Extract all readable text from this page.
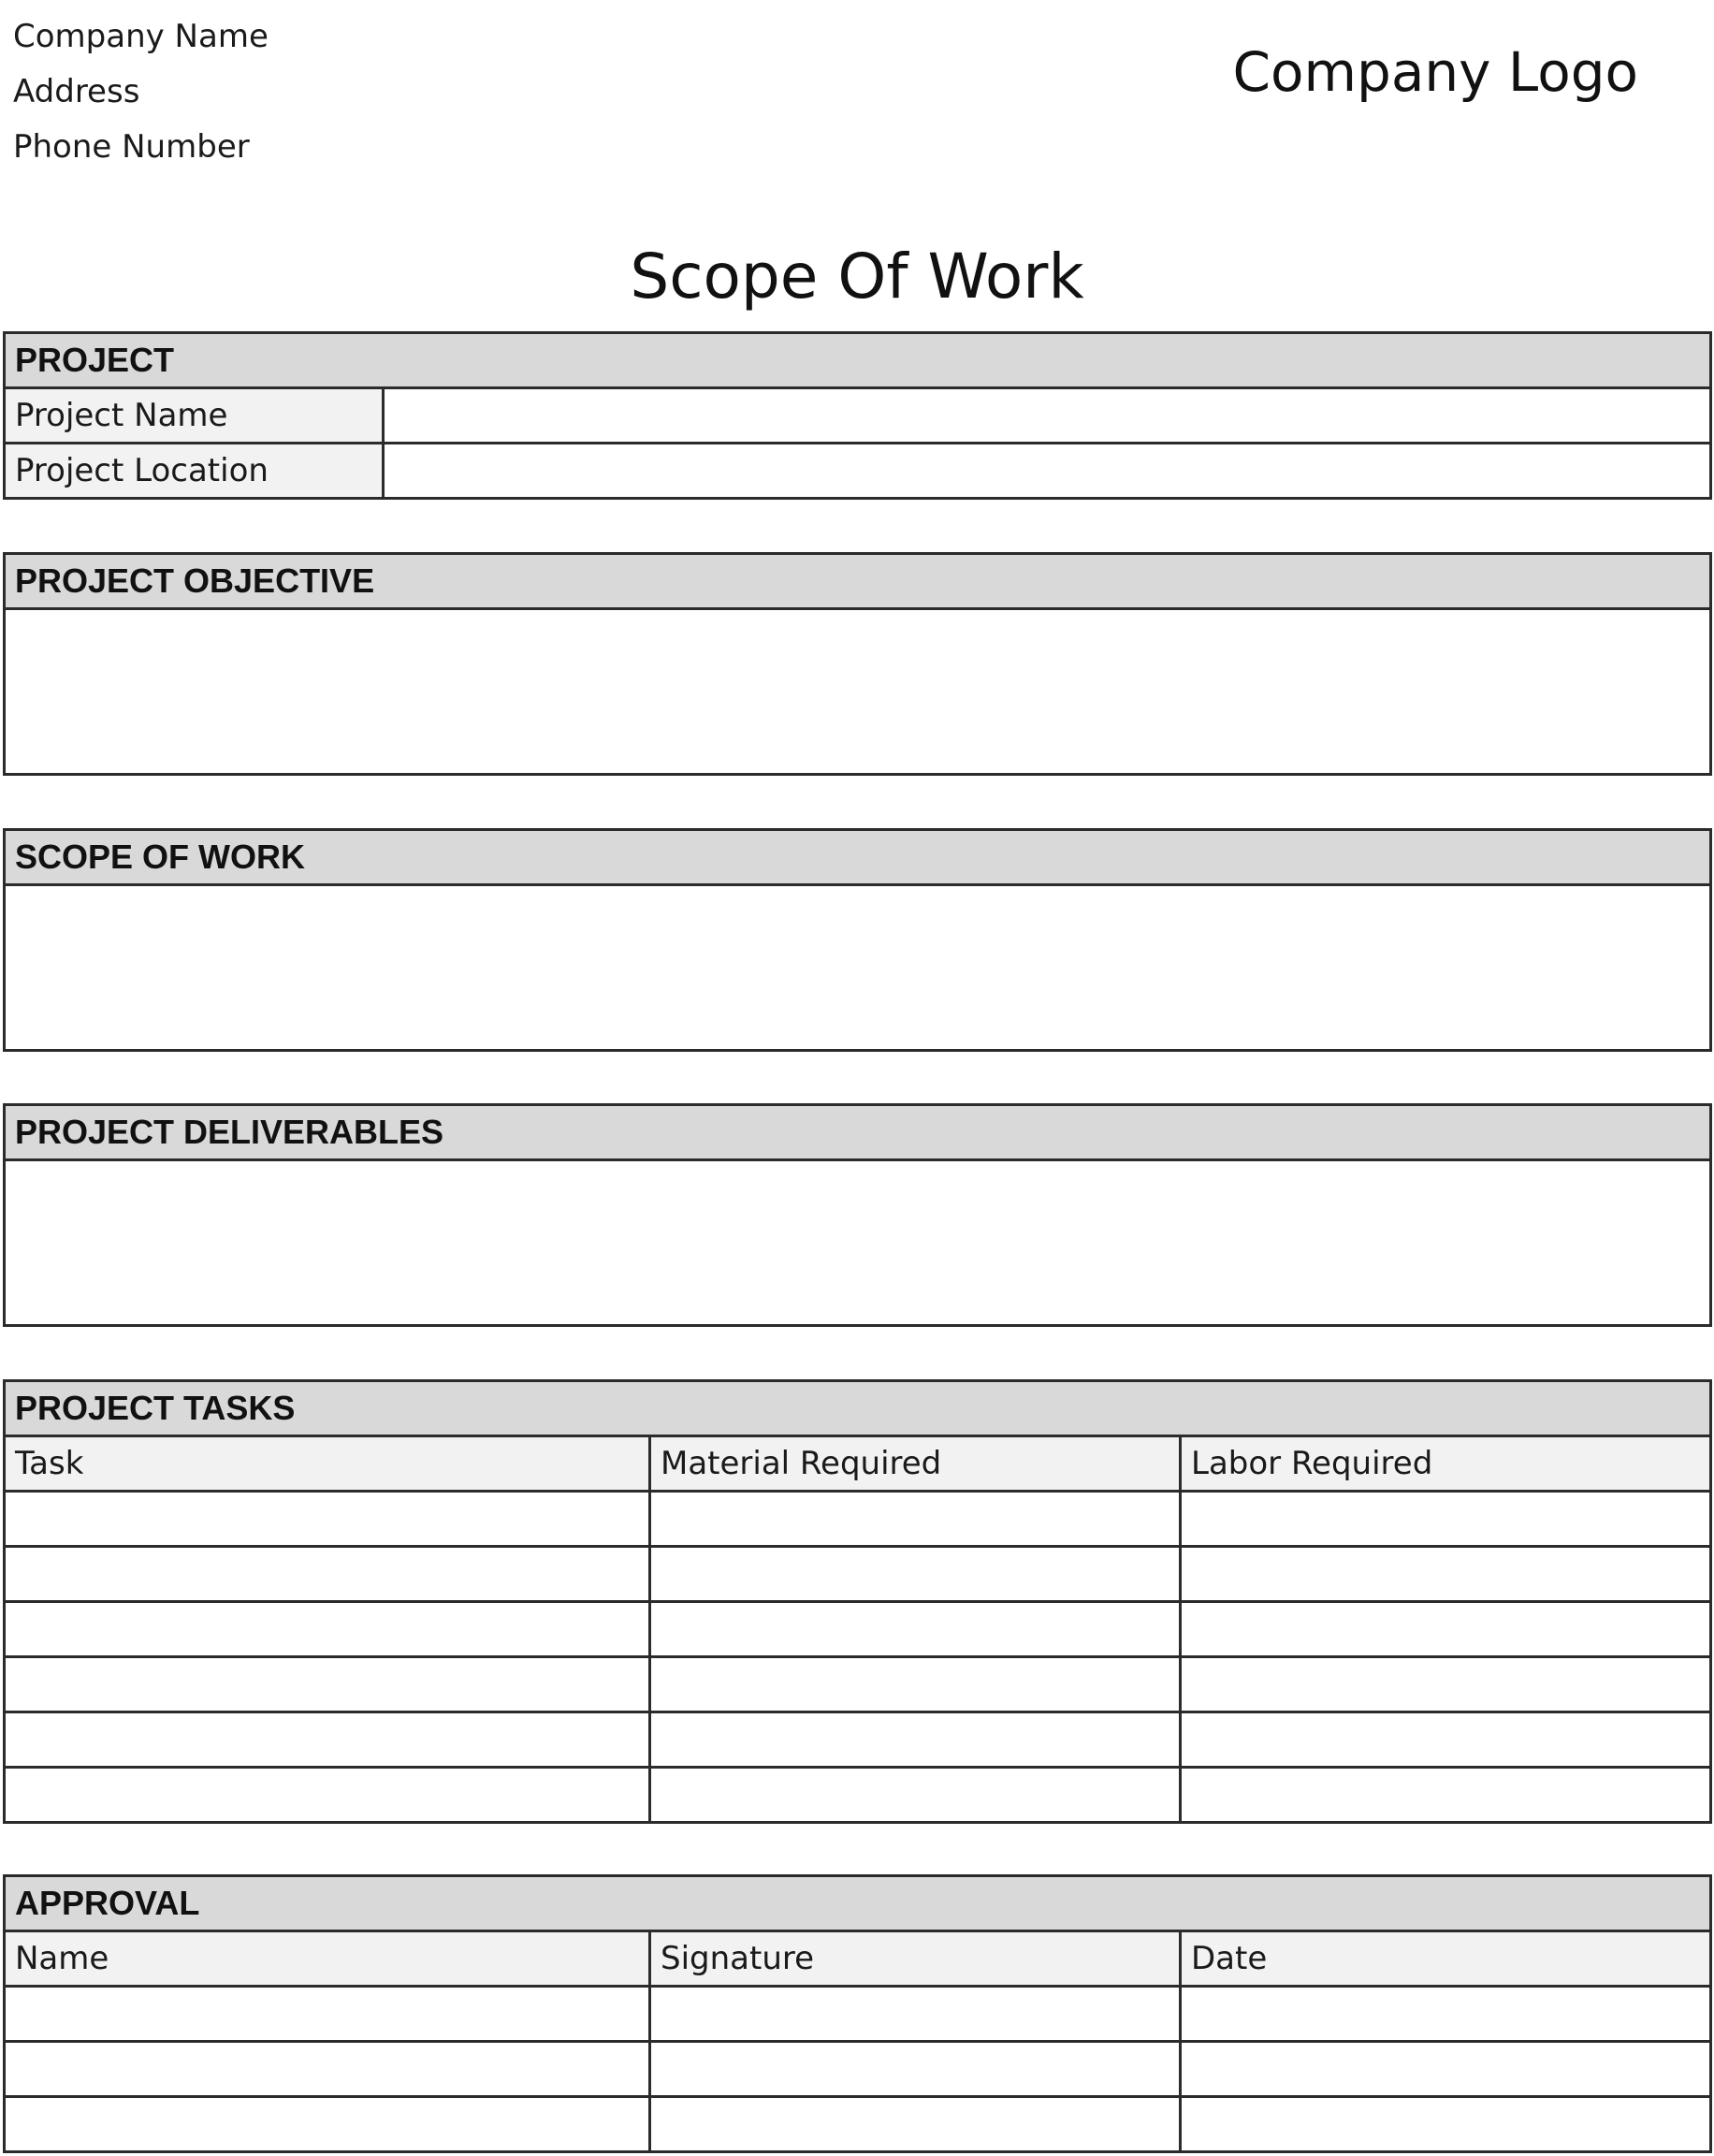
Company Name
Address
Phone Number
Company Logo
Scope Of Work
PROJECT	
Project Name	
Project Location	
PROJECT OBJECTIVE

SCOPE OF WORK

PROJECT DELIVERABLES

PROJECT TASKS		
Task	Material Required	Labor Required

APPROVAL		
Name	Signature	Date
